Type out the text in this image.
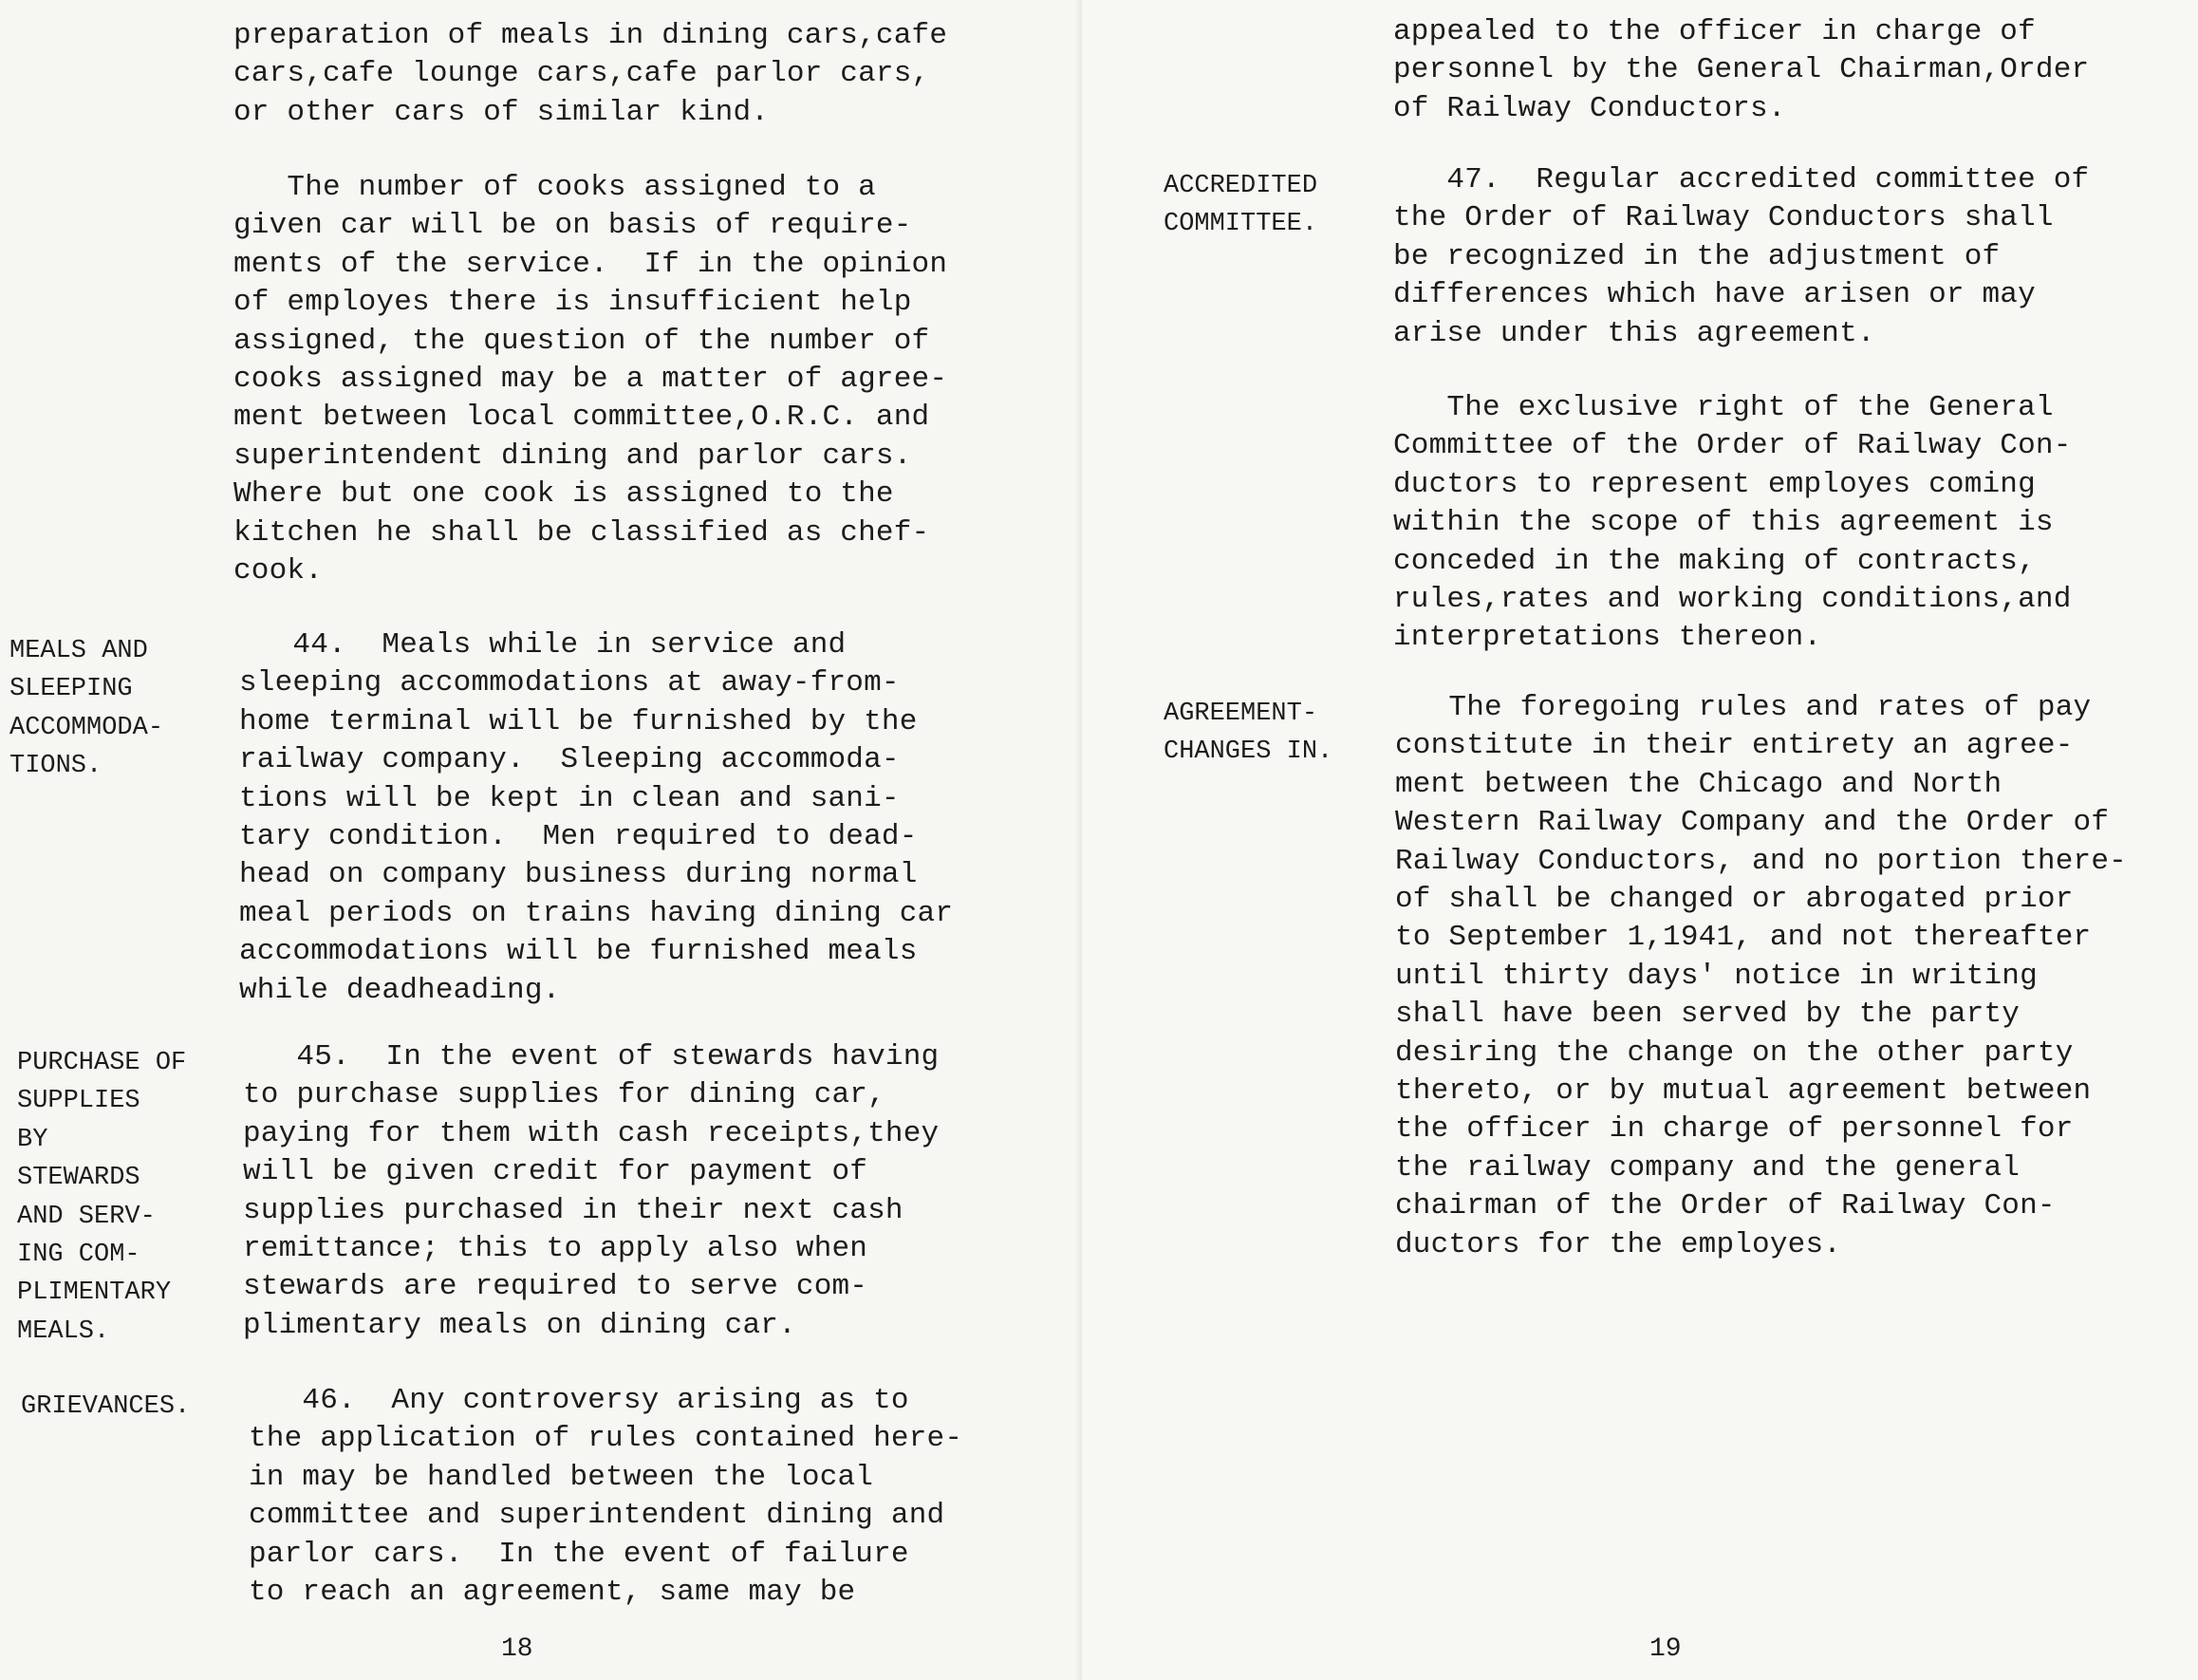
preparation of meals in dining cars,cafe
cars,cafe lounge cars,cafe parlor cars,
or other cars of similar kind.
The number of cooks assigned to a
given car will be on basis of require-
ments of the service.  If in the opinion
of employes there is insufficient help
assigned, the question of the number of
cooks assigned may be a matter of agree-
ment between local committee,O.R.C. and
superintendent dining and parlor cars.
Where but one cook is assigned to the
kitchen he shall be classified as chef-
cook.
MEALS AND
SLEEPING
ACCOMMODA-
TIONS.
44.  Meals while in service and
sleeping accommodations at away-from-
home terminal will be furnished by the
railway company.  Sleeping accommoda-
tions will be kept in clean and sani-
tary condition.  Men required to dead-
head on company business during normal
meal periods on trains having dining car
accommodations will be furnished meals
while deadheading.
PURCHASE OF
SUPPLIES
BY
STEWARDS
AND SERV-
ING COM-
PLIMENTARY
MEALS.
45.  In the event of stewards having
to purchase supplies for dining car,
paying for them with cash receipts,they
will be given credit for payment of
supplies purchased in their next cash
remittance; this to apply also when
stewards are required to serve com-
plimentary meals on dining car.
GRIEVANCES.	46.  Any controversy arising as to
the application of rules contained here-
in may be handled between the local
committee and superintendent dining and
parlor cars.  In the event of failure
to reach an agreement, same may be
18
appealed to the officer in charge of
personnel by the General Chairman,Order
of Railway Conductors.
ACCREDITED
COMMITTEE.
47.  Regular accredited committee of
the Order of Railway Conductors shall
be recognized in the adjustment of
differences which have arisen or may
arise under this agreement.
The exclusive right of the General
Committee of the Order of Railway Con-
ductors to represent employes coming
within the scope of this agreement is
conceded in the making of contracts,
rules,rates and working conditions,and
interpretations thereon.
AGREEMENT-
CHANGES IN.
The foregoing rules and rates of pay
constitute in their entirety an agree-
ment between the Chicago and North
Western Railway Company and the Order of
Railway Conductors, and no portion there-
of shall be changed or abrogated prior
to September 1,1941, and not thereafter
until thirty days' notice in writing
shall have been served by the party
desiring the change on the other party
thereto, or by mutual agreement between
the officer in charge of personnel for
the railway company and the general
chairman of the Order of Railway Con-
ductors for the employes.
19
